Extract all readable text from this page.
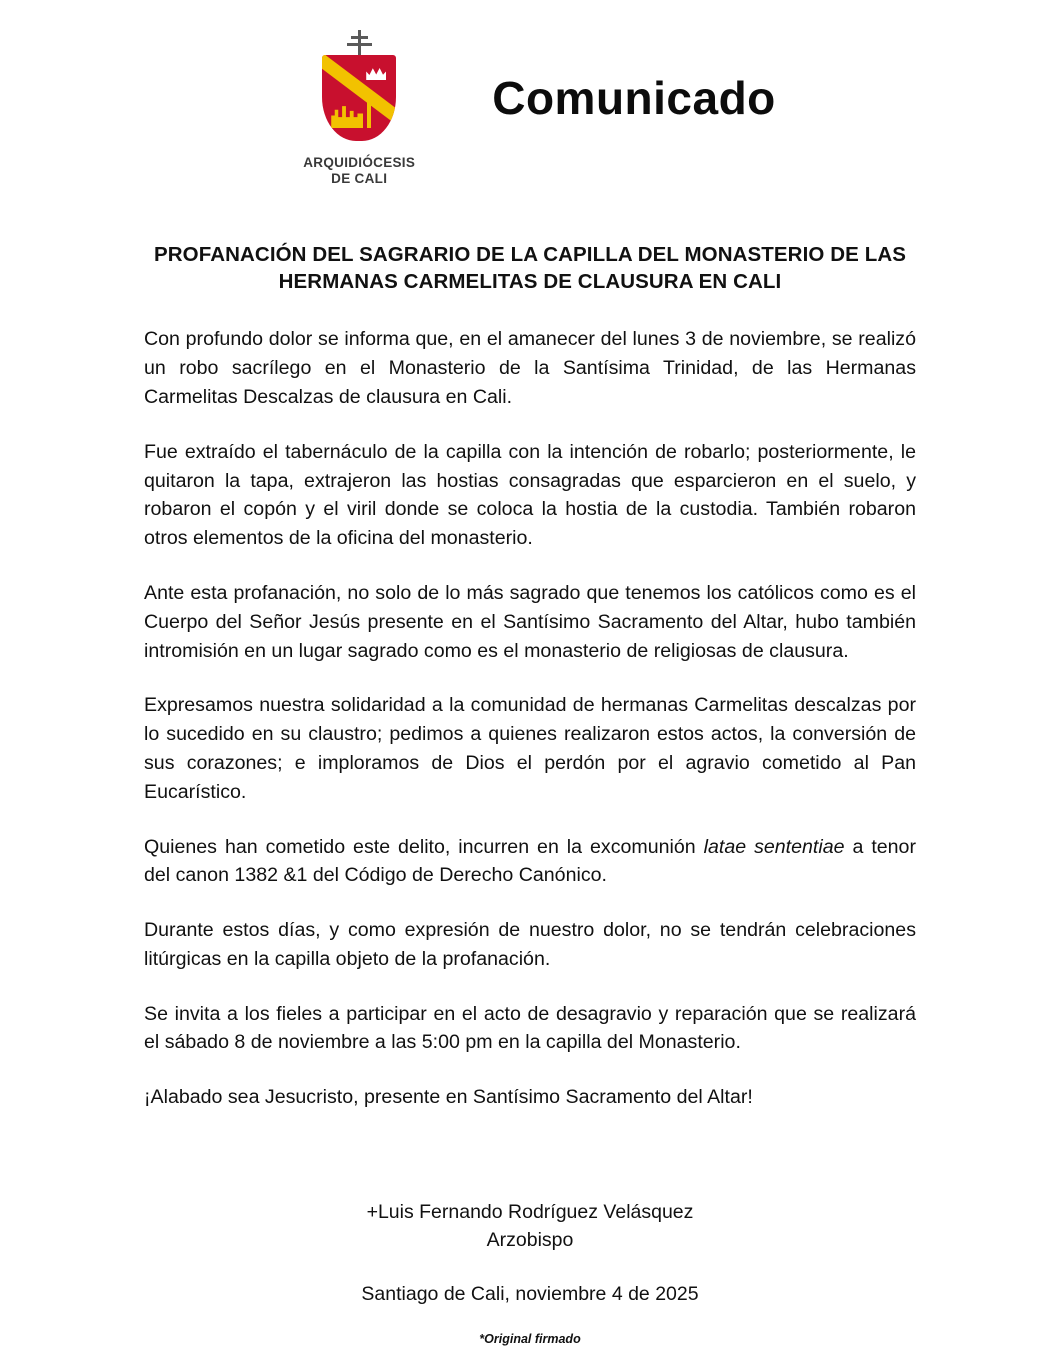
ARQUIDIÓCESIS
DE CALI
Comunicado
PROFANACIÓN DEL SAGRARIO DE LA CAPILLA DEL MONASTERIO DE LAS HERMANAS CARMELITAS DE CLAUSURA EN CALI

Con profundo dolor se informa que, en el amanecer del lunes 3 de noviembre, se realizó un robo sacrílego en el Monasterio de la Santísima Trinidad, de las Hermanas Carmelitas Descalzas de clausura en Cali.

Fue extraído el tabernáculo de la capilla con la intención de robarlo; posteriormente, le quitaron la tapa, extrajeron las hostias consagradas que esparcieron en el suelo, y robaron el copón y el viril donde se coloca la hostia de la custodia. También robaron otros elementos de la oficina del monasterio.

Ante esta profanación, no solo de lo más sagrado que tenemos los católicos como es el Cuerpo del Señor Jesús presente en el Santísimo Sacramento del Altar, hubo también intromisión en un lugar sagrado como es el monasterio de religiosas de clausura.

Expresamos nuestra solidaridad a la comunidad de hermanas Carmelitas descalzas por lo sucedido en su claustro; pedimos a quienes realizaron estos actos, la conversión de sus corazones; e imploramos de Dios el perdón por el agravio cometido al Pan Eucarístico.

Quienes han cometido este delito, incurren en la excomunión latae sententiae a tenor del canon 1382 &1 del Código de Derecho Canónico.

Durante estos días, y como expresión de nuestro dolor, no se tendrán celebraciones litúrgicas en la capilla objeto de la profanación.

Se invita a los fieles a participar en el acto de desagravio y reparación que se realizará el sábado 8 de noviembre a las 5:00 pm en la capilla del Monasterio.

¡Alabado sea Jesucristo, presente en Santísimo Sacramento del Altar!

+Luis Fernando Rodríguez Velásquez
Arzobispo
Santiago de Cali, noviembre 4 de 2025
*Original firmado
